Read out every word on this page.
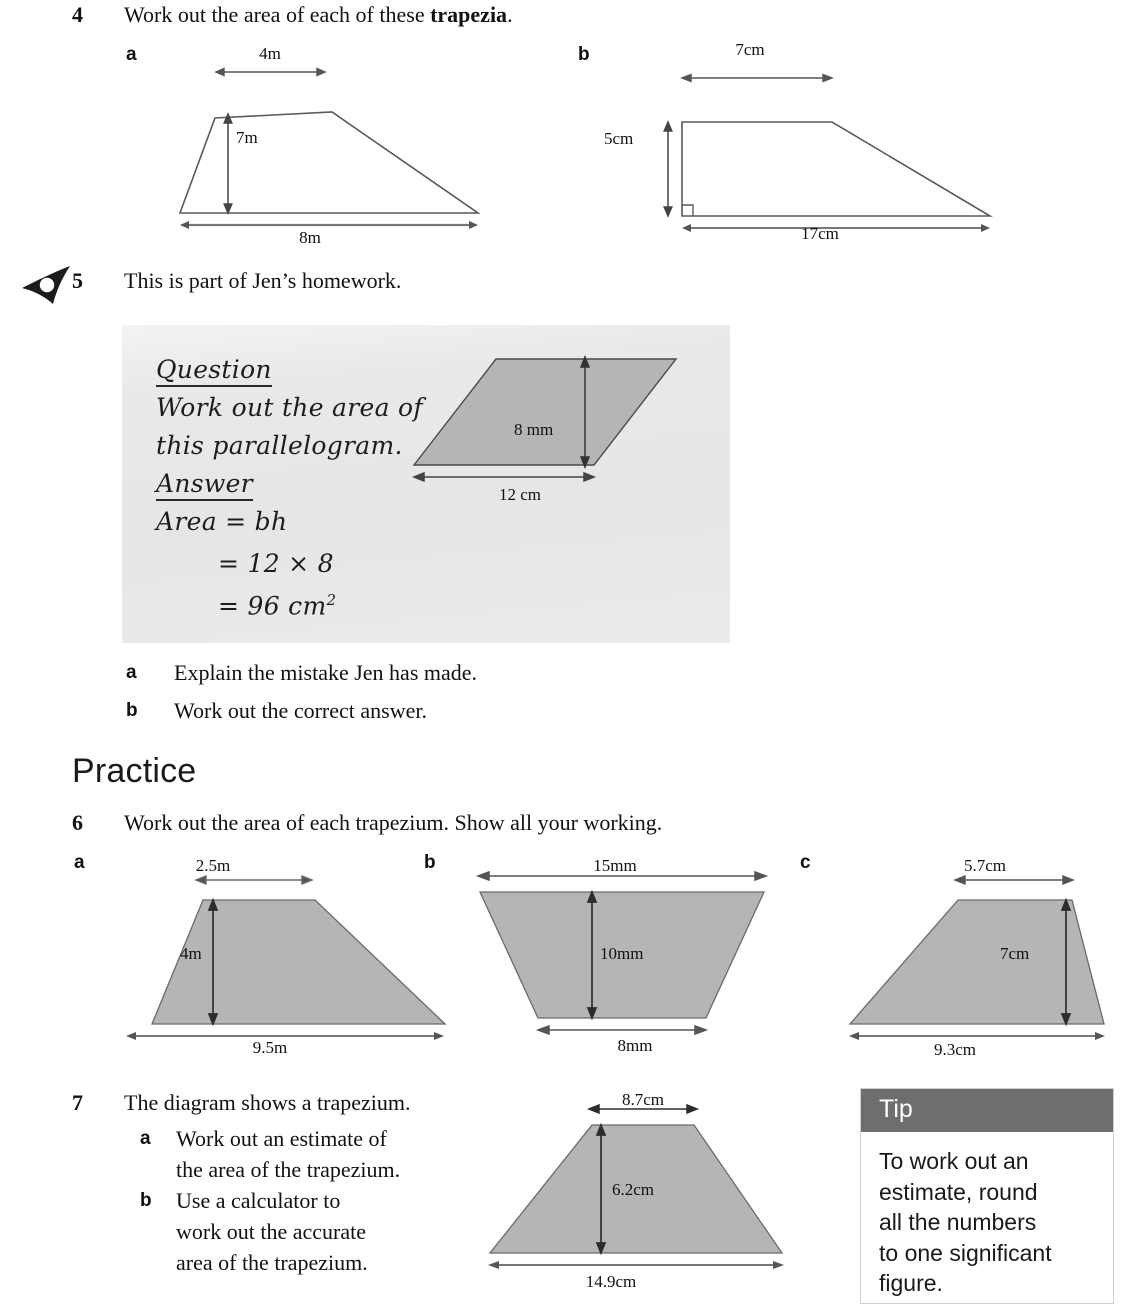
4 Work out the area of each of these trapezia.
a	4m
7m
8m
b	7cm
5cm
17cm
5 This is part of Jen’s homework.
Question
Work out the area of
this parallelogram.
Answer
Area = bh
= 12 × 8
= 96 $cm^2$
8 mm
12 cm
a Explain the mistake Jen has made.
b Work out the correct answer.
Practice
6 Work out the area of each trapezium. Show all your working.
a	2.5m
4m
9.5m
b	15mm
10mm
8mm
c	5.7cm
7cm
9.3cm
7 The diagram shows a trapezium.
a Work out an estimate of
the area of the trapezium.
b Use a calculator to
work out the accurate
area of the trapezium.
8.7cm
6.2cm
14.9cm
Tip
To work out an
estimate, round
all the numbers
to one significant
figure.
